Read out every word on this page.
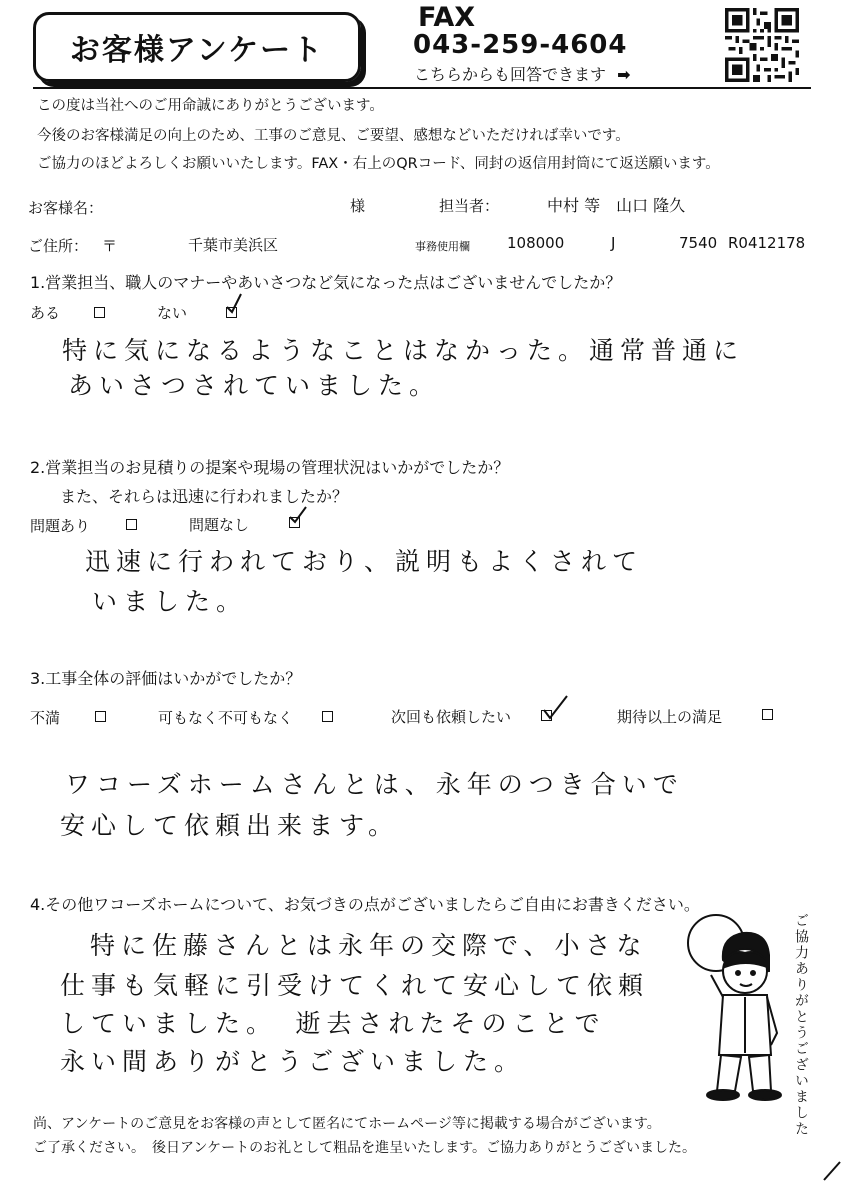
お客様アンケート
FAX
043-259-4604
こちらからも回答できます ➡
この度は当社へのご用命誠にありがとうございます。
今後のお客様満足の向上のため、工事のご意見、ご要望、感想などいただければ幸いです。
ご協力のほどよろしくお願いいたします。FAX・右上のQRコード、同封の返信用封筒にて返送願います。
お客様名：	様	担当者：	中村 等　山口 隆久
ご住所： 〒	千葉市美浜区	事務使用欄 108000	J	7540 R0412178
1.営業担当、職人のマナーやあいさつなど気になった点はございませんでしたか？
ある	ない
特に気になるようなことはなかった。通常普通に
あいさつされていました。
2.営業担当のお見積りの提案や現場の管理状況はいかがでしたか？
また、それらは迅速に行われましたか？
問題あり	問題なし
迅速に行われており、説明もよくされて
いました。
3.工事全体の評価はいかがでしたか？
不満	可もなく不可もなく	次回も依頼したい	期待以上の満足
ワコーズホームさんとは、永年のつき合いで
安心して依頼出来ます。
4.その他ワコーズホームについて、お気づきの点がございましたらご自由にお書きください。
特に佐藤さんとは永年の交際で、小さな
仕事も気軽に引受けてくれて安心して依頼
していました。　逝去されたそのことで
永い間ありがとうございました。	ご協力ありがとうございました
尚、アンケートのご意見をお客様の声として匿名にてホームページ等に掲載する場合がございます。
ご了承ください。　後日アンケートのお礼として粗品を進呈いたします。ご協力ありがとうございました。
